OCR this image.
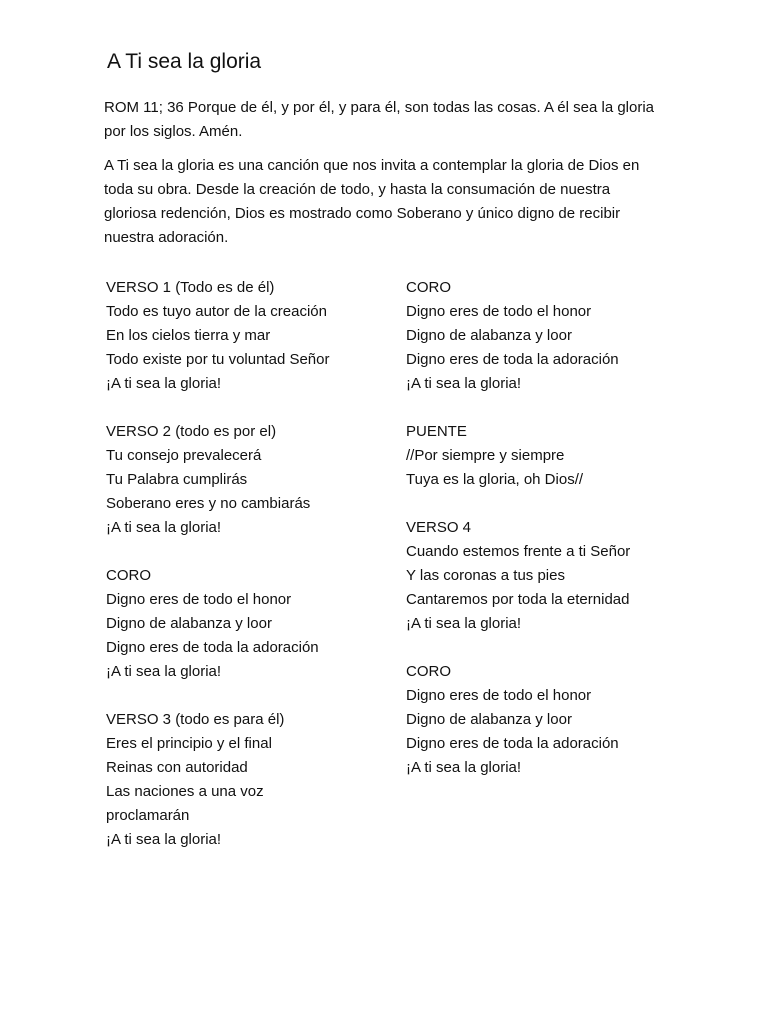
A Ti sea la gloria

ROM 11; 36 Porque de él, y por él, y para él, son todas las cosas. A él sea la gloria por los siglos. Amén.

A Ti sea la gloria es una canción que nos invita a contemplar la gloria de Dios en toda su obra. Desde la creación de todo, y hasta la consumación de nuestra gloriosa redención, Dios es mostrado como Soberano y único digno de recibir nuestra adoración.

VERSO 1 (Todo es de él)
Todo es tuyo autor de la creación
En los cielos tierra y mar
Todo existe por tu voluntad Señor
¡A ti sea la gloria!
VERSO 2 (todo es por el)
Tu consejo prevalecerá
Tu Palabra cumplirás
Soberano eres y no cambiarás
¡A ti sea la gloria!
CORO
Digno eres de todo el honor
Digno de alabanza y loor
Digno eres de toda la adoración
¡A ti sea la gloria!
VERSO 3 (todo es para él)
Eres el principio y el final
Reinas con autoridad
Las naciones a una voz
proclamarán
¡A ti sea la gloria!
CORO
Digno eres de todo el honor
Digno de alabanza y loor
Digno eres de toda la adoración
¡A ti sea la gloria!
PUENTE
//Por siempre y siempre
Tuya es la gloria, oh Dios//
VERSO 4
Cuando estemos frente a ti Señor
Y las coronas a tus pies
Cantaremos por toda la eternidad
¡A ti sea la gloria!
CORO
Digno eres de todo el honor
Digno de alabanza y loor
Digno eres de toda la adoración
¡A ti sea la gloria!
